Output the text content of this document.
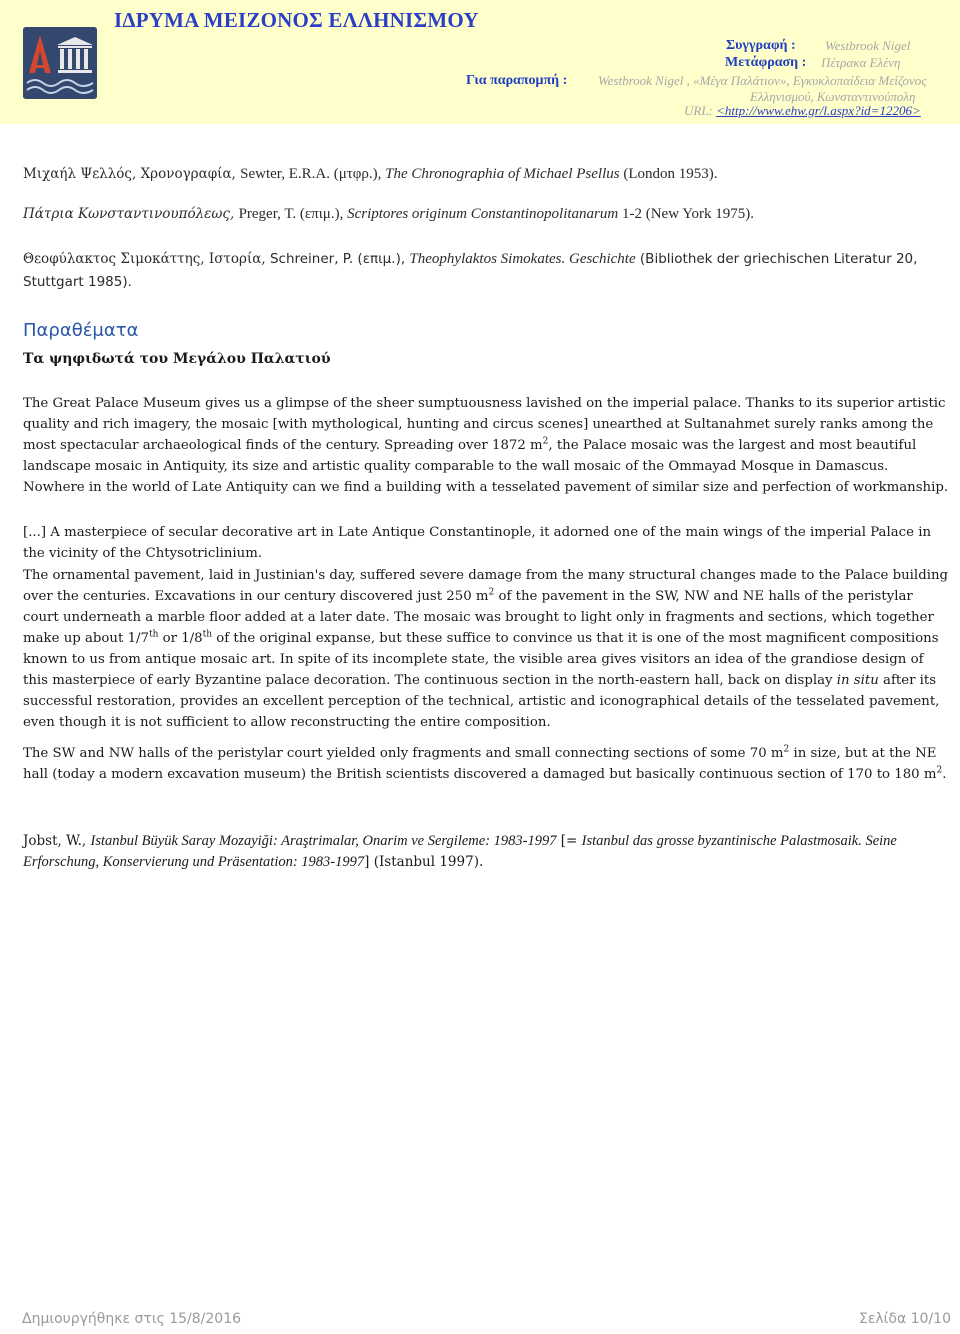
ΙΔΡΥΜΑ ΜΕΙΖΟΝΟΣ ΕΛΛΗΝΙΣΜΟΥ
Συγγραφή : Westbrook Nigel
Μετάφραση : Πέτρακα Ελένη
Για παραπομπή : Westbrook Nigel , «Μέγα Παλάτιον», Εγκυκλοπαίδεια Μείζονος
Ελληνισμού, Κωνσταντινούπολη
URL: <http://www.ehw.gr/l.aspx?id=12206>
Μιχαήλ Ψελλός, Χρονογραφία, Sewter, E.R.A. (μτφρ.), The Chronographia of Michael Psellus (London 1953).
Πάτρια Κωνσταντινουπόλεως, Preger, T. (επιμ.), Scriptores originum Constantinopolitanarum 1-2 (New York 1975).
Θεοφύλακτος Σιμοκάττης, Ιστορία, Schreiner, P. (επιμ.), Theophylaktos Simokates. Geschichte (Bibliothek der griechischen Literatur 20,
Stuttgart 1985).
Παραθέματα
Τα ψηφιδωτά του Μεγάλου Παλατιού
The Great Palace Museum gives us a glimpse of the sheer sumptuousness lavished on the imperial palace. Thanks to its superior artistic quality and rich imagery, the mosaic [with mythological, hunting and circus scenes] unearthed at Sultanahmet surely ranks among the most spectacular archaeological finds of the century. Spreading over 1872 $m^2$, the Palace mosaic was the largest and most beautiful landscape mosaic in Antiquity, its size and artistic quality comparable to the wall mosaic of the Ommayad Mosque in Damascus. Nowhere in the world of Late Antiquity can we find a building with a tesselated pavement of similar size and perfection of workmanship.
[...] A masterpiece of secular decorative art in Late Antique Constantinople, it adorned one of the main wings of the imperial Palace in the vicinity of the Chtysotriclinium.
The ornamental pavement, laid in Justinian's day, suffered severe damage from the many structural changes made to the Palace building over the centuries. Excavations in our century discovered just 250 $m^2$ of the pavement in the SW, NW and NE halls of the peristylar court underneath a marble floor added at a later date. The mosaic was brought to light only in fragments and sections, which together make up about 1/7th or 1/8th of the original expanse, but these suffice to convince us that it is one of the most magnificent compositions known to us from antique mosaic art. In spite of its incomplete state, the visible area gives visitors an idea of the grandiose design of this masterpiece of early Byzantine palace decoration. The continuous section in the north-eastern hall, back on display in situ after its successful restoration, provides an excellent perception of the technical, artistic and iconographical details of the tesselated pavement, even though it is not sufficient to allow reconstructing the entire composition.
The SW and NW halls of the peristylar court yielded only fragments and small connecting sections of some 70 $m^2$ in size, but at the NE hall (today a modern excavation museum) the British scientists discovered a damaged but basically continuous section of 170 to 180 $m^2$.
Jobst, W., Istanbul Büyük Saray Mozayiği: Araştrimalar, Onarim ve Sergileme: 1983-1997 [= Istanbul das grosse byzantinische Palastmosaik. Seine Erforschung, Konservierung und Präsentation: 1983-1997] (Istanbul 1997).
Δημιουργήθηκε στις 15/8/2016	Σελίδα 10/10
